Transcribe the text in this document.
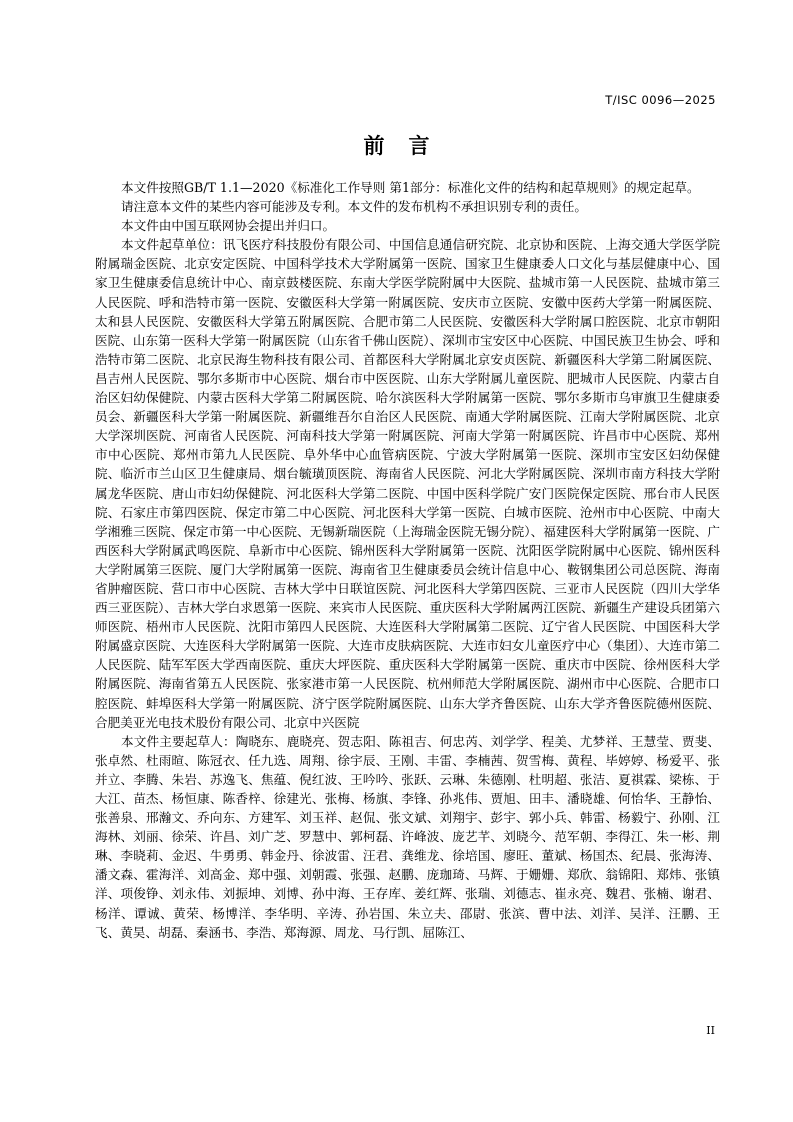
T/ISC 0096—2025
前言

本文件按照GB/T 1.1—2020《标准化工作导则 第1部分：标准化文件的结构和起草规则》的规定起草。

请注意本文件的某些内容可能涉及专利。本文件的发布机构不承担识别专利的责任。

本文件由中国互联网协会提出并归口。

本文件起草单位：讯飞医疗科技股份有限公司、中国信息通信研究院、北京协和医院、上海交通大学医学院附属瑞金医院、北京安定医院、中国科学技术大学附属第一医院、国家卫生健康委人口文化与基层健康中心、国家卫生健康委信息统计中心、南京鼓楼医院、东南大学医学院附属中大医院、盐城市第一人民医院、盐城市第三人民医院、呼和浩特市第一医院、安徽医科大学第一附属医院、安庆市立医院、安徽中医药大学第一附属医院、太和县人民医院、安徽医科大学第五附属医院、合肥市第二人民医院、安徽医科大学附属口腔医院、北京市朝阳医院、山东第一医科大学第一附属医院（山东省千佛山医院）、深圳市宝安区中心医院、中国民族卫生协会、呼和浩特市第二医院、北京民海生物科技有限公司、首都医科大学附属北京安贞医院、新疆医科大学第二附属医院、昌吉州人民医院、鄂尔多斯市中心医院、烟台市中医医院、山东大学附属儿童医院、肥城市人民医院、内蒙古自治区妇幼保健院、内蒙古医科大学第二附属医院、哈尔滨医科大学附属第一医院、鄂尔多斯市乌审旗卫生健康委员会、新疆医科大学第一附属医院、新疆维吾尔自治区人民医院、南通大学附属医院、江南大学附属医院、北京大学深圳医院、河南省人民医院、河南科技大学第一附属医院、河南大学第一附属医院、许昌市中心医院、郑州市中心医院、郑州市第九人民医院、阜外华中心血管病医院、宁波大学附属第一医院、深圳市宝安区妇幼保健院、临沂市兰山区卫生健康局、烟台毓璜顶医院、海南省人民医院、河北大学附属医院、深圳市南方科技大学附属龙华医院、唐山市妇幼保健院、河北医科大学第二医院、中国中医科学院广安门医院保定医院、邢台市人民医院、石家庄市第四医院、保定市第二中心医院、河北医科大学第一医院、白城市医院、沧州市中心医院、中南大学湘雅三医院、保定市第一中心医院、无锡新瑞医院（上海瑞金医院无锡分院）、福建医科大学附属第一医院、广西医科大学附属武鸣医院、阜新市中心医院、锦州医科大学附属第一医院、沈阳医学院附属中心医院、锦州医科大学附属第三医院、厦门大学附属第一医院、海南省卫生健康委员会统计信息中心、鞍钢集团公司总医院、海南省肿瘤医院、营口市中心医院、吉林大学中日联谊医院、河北医科大学第四医院、三亚市人民医院（四川大学华西三亚医院）、吉林大学白求恩第一医院、来宾市人民医院、重庆医科大学附属两江医院、新疆生产建设兵团第六师医院、梧州市人民医院、沈阳市第四人民医院、大连医科大学附属第二医院、辽宁省人民医院、中国医科大学附属盛京医院、大连医科大学附属第一医院、大连市皮肤病医院、大连市妇女儿童医疗中心（集团）、大连市第二人民医院、陆军军医大学西南医院、重庆大坪医院、重庆医科大学附属第一医院、重庆市中医院、徐州医科大学附属医院、海南省第五人民医院、张家港市第一人民医院、杭州师范大学附属医院、湖州市中心医院、合肥市口腔医院、蚌埠医科大学第一附属医院、济宁医学院附属医院、山东大学齐鲁医院、山东大学齐鲁医院德州医院、合肥美亚光电技术股份有限公司、北京中兴医院

本文件主要起草人：陶晓东、鹿晓亮、贺志阳、陈祖吉、何忠芮、刘学学、程美、尤梦祥、王慧莹、贾斐、张卓然、杜雨暄、陈冠衣、任九选、周翔、徐宇辰、王刚、丰雷、李楠茜、贺雪梅、黄程、毕婷婷、杨爱平、张并立、李腾、朱岩、苏逸飞、焦蕴、倪红波、王吟吟、张跃、云琳、朱德刚、杜明超、张洁、夏祺霖、梁栋、于大江、苗杰、杨恒康、陈香梓、徐建光、张梅、杨旗、李锋、孙兆伟、贾旭、田丰、潘晓雄、何怡华、王静怡、张善泉、邢瀚文、乔向东、方建军、刘玉祥、赵侃、张文斌、刘翔宇、彭宇、郭小兵、韩雷、杨毅宁、孙刚、江海林、刘丽、徐荣、许昌、刘广芝、罗慧中、郭柯磊、许峰波、庞艺芊、刘晓今、范军朝、李得江、朱一彬、荆琳、李晓莉、金迟、牛勇勇、韩金丹、徐波雷、汪君、龚维龙、徐培国、廖旺、董斌、杨国杰、纪晨、张海涛、潘文森、霍海洋、刘高金、郑中强、刘朝霞、张强、赵鹏、庞珈琦、马辉、于姗姗、郑欣、翁锦阳、郑炜、张镇洋、项俊铮、刘永伟、刘振坤、刘博、孙中海、王存库、姜红辉、张瑞、刘德志、崔永亮、魏君、张楠、谢君、杨洋、谭诚、黄荣、杨博洋、李华明、辛涛、孙岩国、朱立夫、邵尉、张滨、曹中法、刘洋、吴洋、汪鹏、王飞、黄昊、胡磊、秦涵书、李浩、郑海源、周龙、马行凯、屈陈江、

II
